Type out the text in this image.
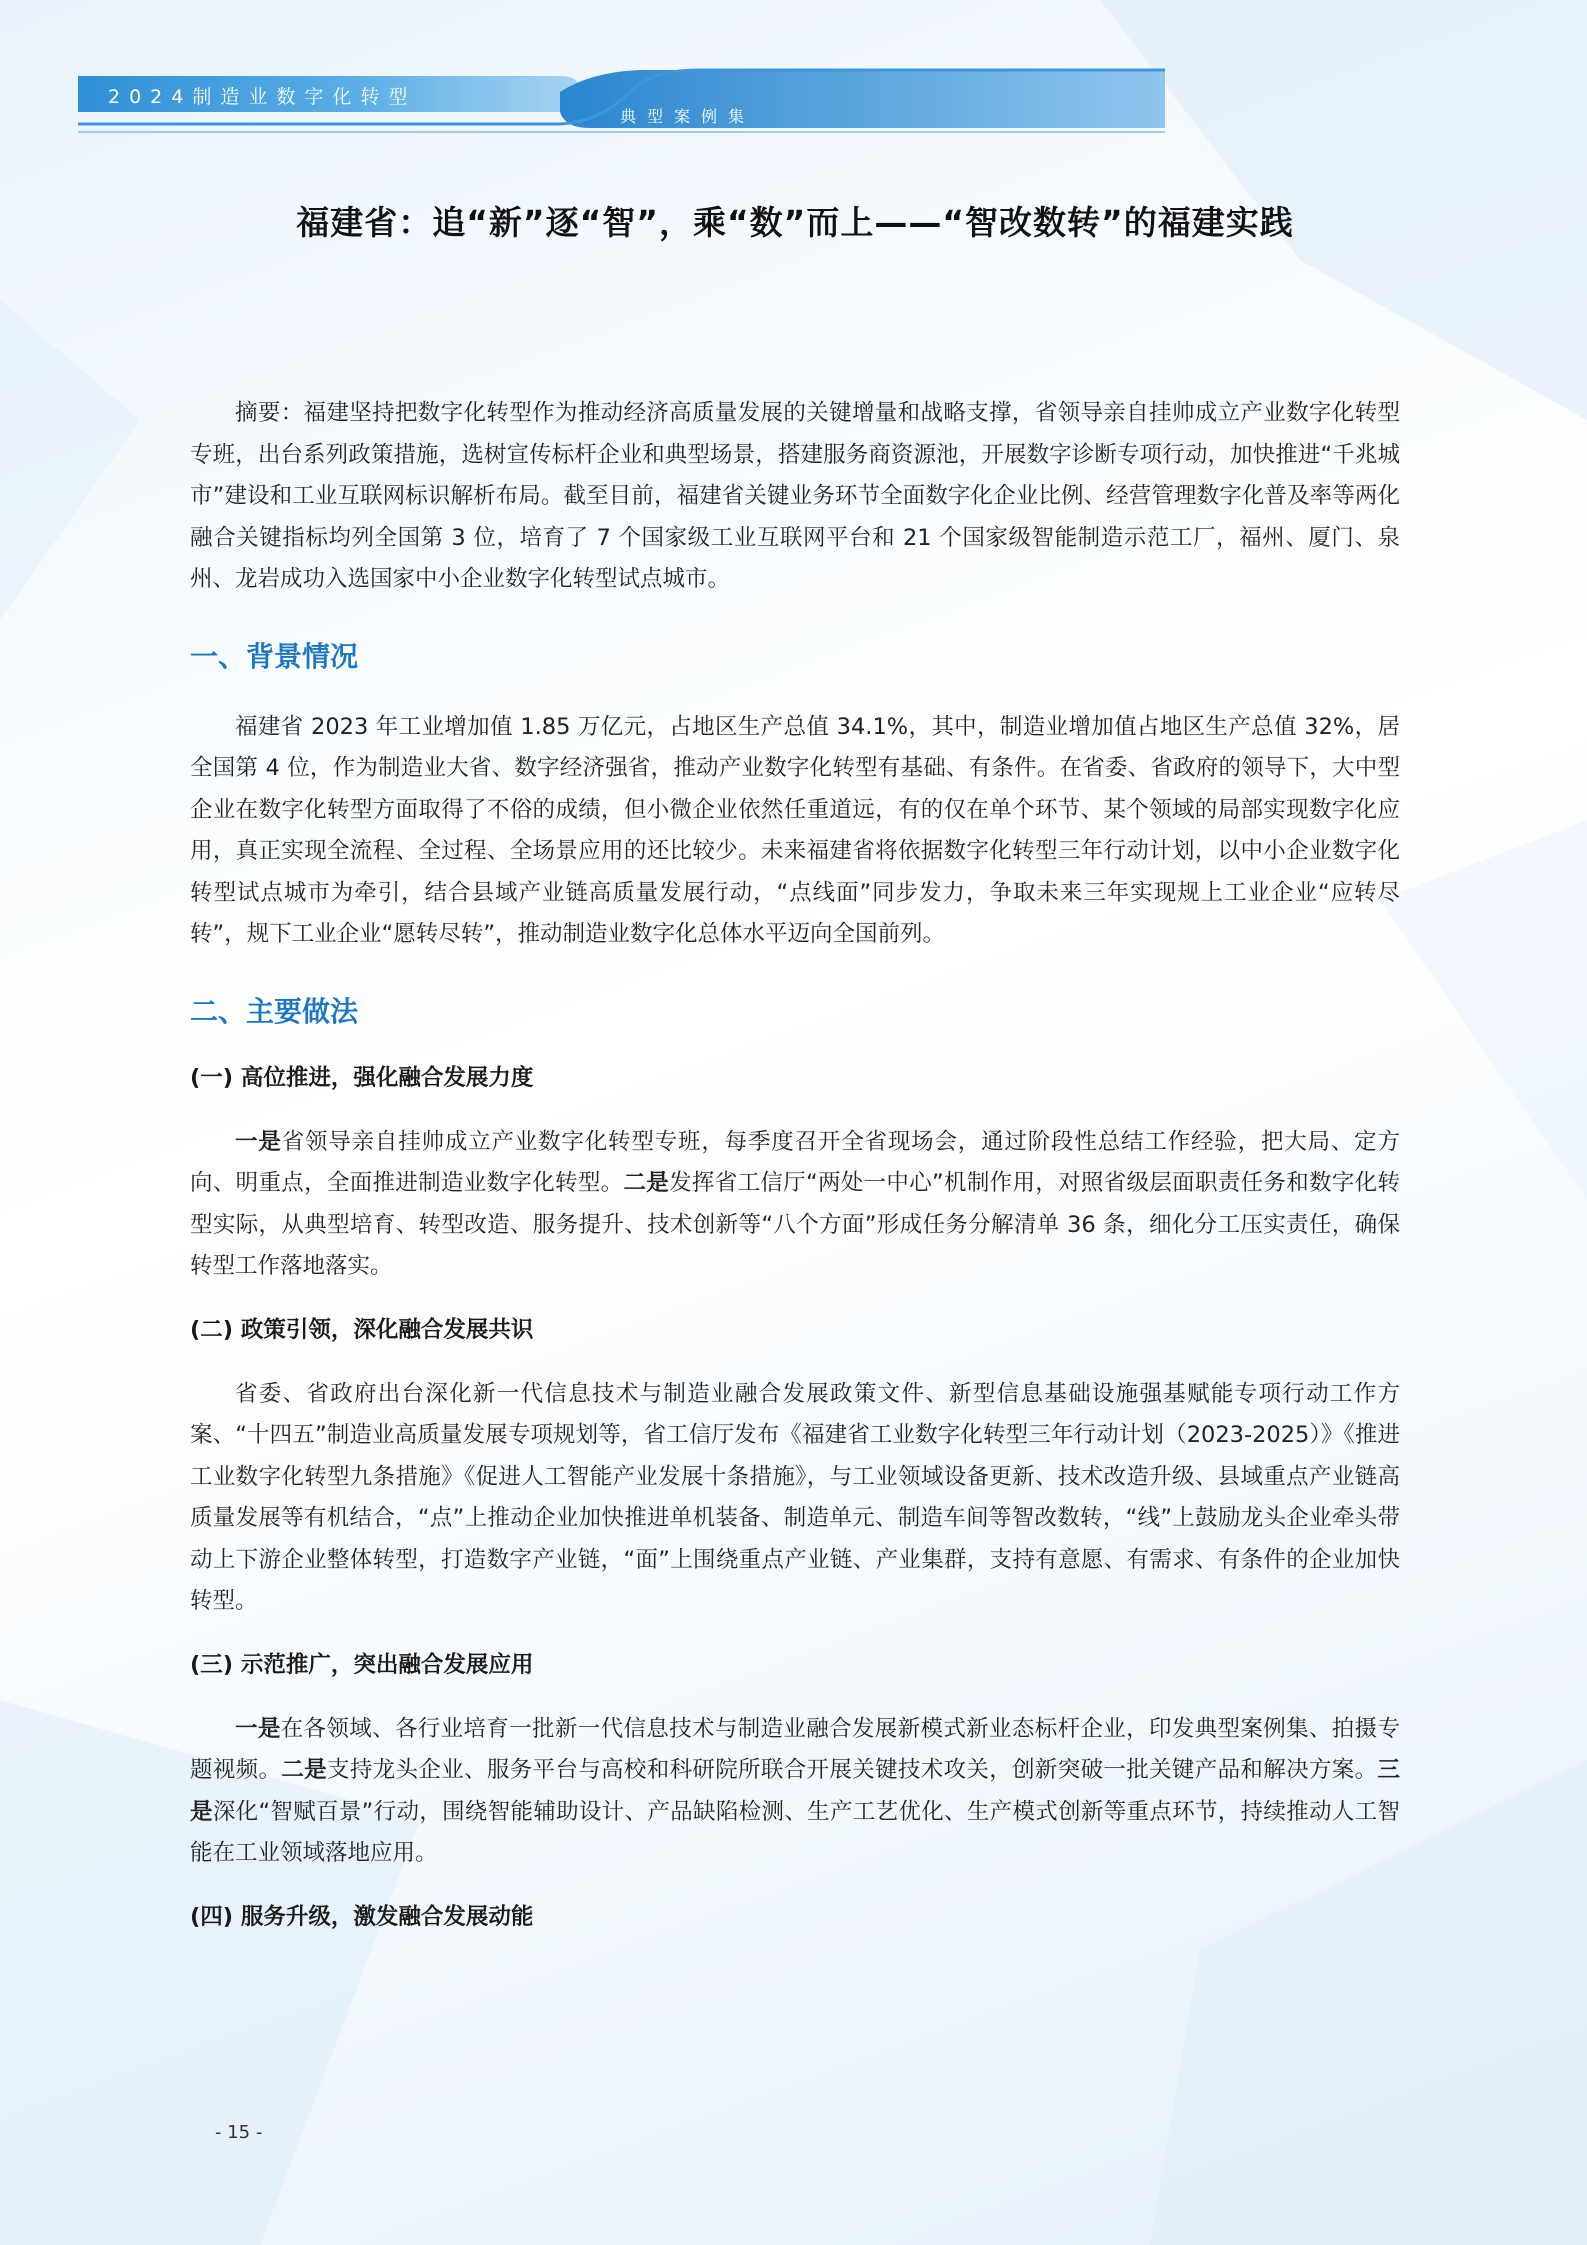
2024制造业数字化转型
典型案例集
福建省：追“新”逐“智”，乘“数”而上——“智改数转”的福建实践

摘要：福建坚持把数字化转型作为推动经济高质量发展的关键增量和战略支撑，省领导亲自挂帅成立产业数字化转型专班，出台系列政策措施，选树宣传标杆企业和典型场景，搭建服务商资源池，开展数字诊断专项行动，加快推进“千兆城市”建设和工业互联网标识解析布局。截至目前，福建省关键业务环节全面数字化企业比例、经营管理数字化普及率等两化融合关键指标均列全国第 3 位，培育了 7 个国家级工业互联网平台和 21 个国家级智能制造示范工厂，福州、厦门、泉州、龙岩成功入选国家中小企业数字化转型试点城市。

一、背景情况

福建省 2023 年工业增加值 1.85 万亿元，占地区生产总值 34.1%，其中，制造业增加值占地区生产总值 32%，居全国第 4 位，作为制造业大省、数字经济强省，推动产业数字化转型有基础、有条件。在省委、省政府的领导下，大中型企业在数字化转型方面取得了不俗的成绩，但小微企业依然任重道远，有的仅在单个环节、某个领域的局部实现数字化应用，真正实现全流程、全过程、全场景应用的还比较少。未来福建省将依据数字化转型三年行动计划，以中小企业数字化转型试点城市为牵引，结合县域产业链高质量发展行动，“点线面”同步发力，争取未来三年实现规上工业企业“应转尽转”，规下工业企业“愿转尽转”，推动制造业数字化总体水平迈向全国前列。

二、主要做法
(一) 高位推进，强化融合发展力度

一是省领导亲自挂帅成立产业数字化转型专班，每季度召开全省现场会，通过阶段性总结工作经验，把大局、定方向、明重点，全面推进制造业数字化转型。二是发挥省工信厅“两处一中心”机制作用，对照省级层面职责任务和数字化转型实际，从典型培育、转型改造、服务提升、技术创新等“八个方面”形成任务分解清单 36 条，细化分工压实责任，确保转型工作落地落实。

(二) 政策引领，深化融合发展共识

省委、省政府出台深化新一代信息技术与制造业融合发展政策文件、新型信息基础设施强基赋能专项行动工作方案、“十四五”制造业高质量发展专项规划等，省工信厅发布《福建省工业数字化转型三年行动计划（2023-2025）》《推进工业数字化转型九条措施》《促进人工智能产业发展十条措施》，与工业领域设备更新、技术改造升级、县域重点产业链高质量发展等有机结合，“点”上推动企业加快推进单机装备、制造单元、制造车间等智改数转，“线”上鼓励龙头企业牵头带动上下游企业整体转型，打造数字产业链，“面”上围绕重点产业链、产业集群，支持有意愿、有需求、有条件的企业加快转型。

(三) 示范推广，突出融合发展应用

一是在各领域、各行业培育一批新一代信息技术与制造业融合发展新模式新业态标杆企业，印发典型案例集、拍摄专题视频。二是支持龙头企业、服务平台与高校和科研院所联合开展关键技术攻关，创新突破一批关键产品和解决方案。三是深化“智赋百景”行动，围绕智能辅助设计、产品缺陷检测、生产工艺优化、生产模式创新等重点环节，持续推动人工智能在工业领域落地应用。

(四) 服务升级，激发融合发展动能
- 15 -
